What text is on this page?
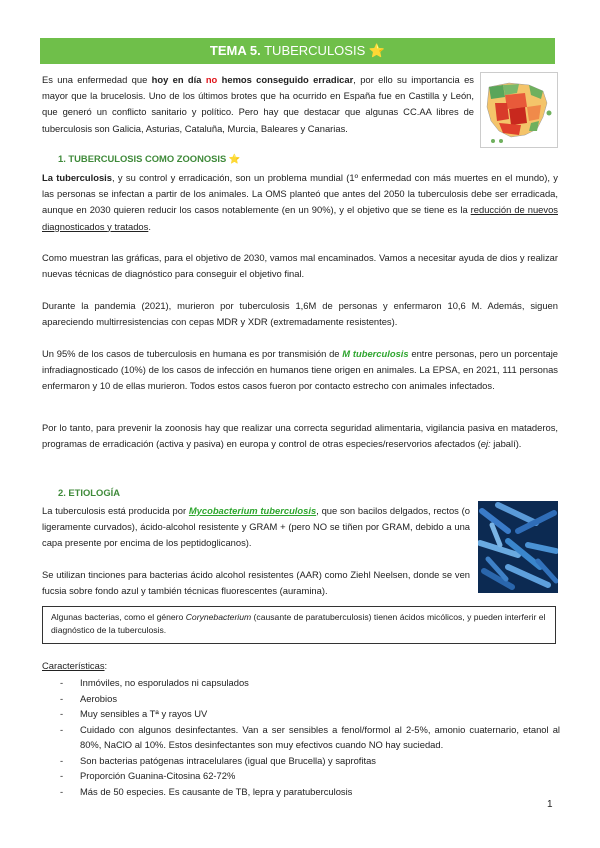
TEMA 5. TUBERCULOSIS ⭐

Es una enfermedad que hoy en día no hemos conseguido erradicar, por ello su importancia es mayor que la brucelosis. Uno de los últimos brotes que ha ocurrido en España fue en Castilla y León, que generó un conflicto sanitario y político. Pero hay que destacar que algunas CC.AA libres de tuberculosis son Galicia, Asturias, Cataluña, Murcia, Baleares y Canarias.

1. TUBERCULOSIS COMO ZOONOSIS ⭐

La tuberculosis, y su control y erradicación, son un problema mundial (1º enfermedad con más muertes en el mundo), y las personas se infectan a partir de los animales. La OMS planteó que antes del 2050 la tuberculosis debe ser erradicada, aunque en 2030 quieren reducir los casos notablemente (en un 90%), y el objetivo que se tiene es la reducción de nuevos diagnosticados y tratados.

Como muestran las gráficas, para el objetivo de 2030, vamos mal encaminados. Vamos a necesitar ayuda de dios y realizar nuevas técnicas de diagnóstico para conseguir el objetivo final.

Durante la pandemia (2021), murieron por tuberculosis 1,6M de personas y enfermaron 10,6 M. Además, siguen apareciendo multirresistencias con cepas MDR y XDR (extremadamente resistentes).

Un 95% de los casos de tuberculosis en humana es por transmisión de M tuberculosis entre personas, pero un porcentaje infradiagnosticado (10%) de los casos de infección en humanos tiene origen en animales. La EPSA, en 2021, 111 personas enfermaron y 10 de ellas murieron. Todos estos casos fueron por contacto estrecho con animales infectados.

Por lo tanto, para prevenir la zoonosis hay que realizar una correcta seguridad alimentaria, vigilancia pasiva en mataderos, programas de erradicación (activa y pasiva) en europa y control de otras especies/reservorios afectados (ej: jabalí).

2. ETIOLOGÍA

La tuberculosis está producida por Mycobacterium tuberculosis, que son bacilos delgados, rectos (o ligeramente curvados), ácido-alcohol resistente y GRAM + (pero NO se tiñen por GRAM, debido a una capa presente por encima de los peptidoglicanos).

Se utilizan tinciones para bacterias ácido alcohol resistentes (AAR) como Ziehl Neelsen, donde se ven fucsia sobre fondo azul y también técnicas fluorescentes (auramina).

Algunas bacterias, como el género Corynebacterium (causante de paratuberculosis) tienen ácidos micólicos, y pueden interferir el diagnóstico de la tuberculosis.
Características:
- Inmóviles, no esporulados ni capsulados
- Aerobios
- Muy sensibles a Tª y rayos UV
- Cuidado con algunos desinfectantes. Van a ser sensibles a fenol/formol al 2-5%, amonio cuaternario, etanol al 80%, NaClO al 10%. Estos desinfectantes son muy efectivos cuando NO hay suciedad.
- Son bacterias patógenas intracelulares (igual que Brucella) y saprofitas
- Proporción Guanina-Citosina 62-72%
- Más de 50 especies. Es causante de TB, lepra y paratuberculosis
1
